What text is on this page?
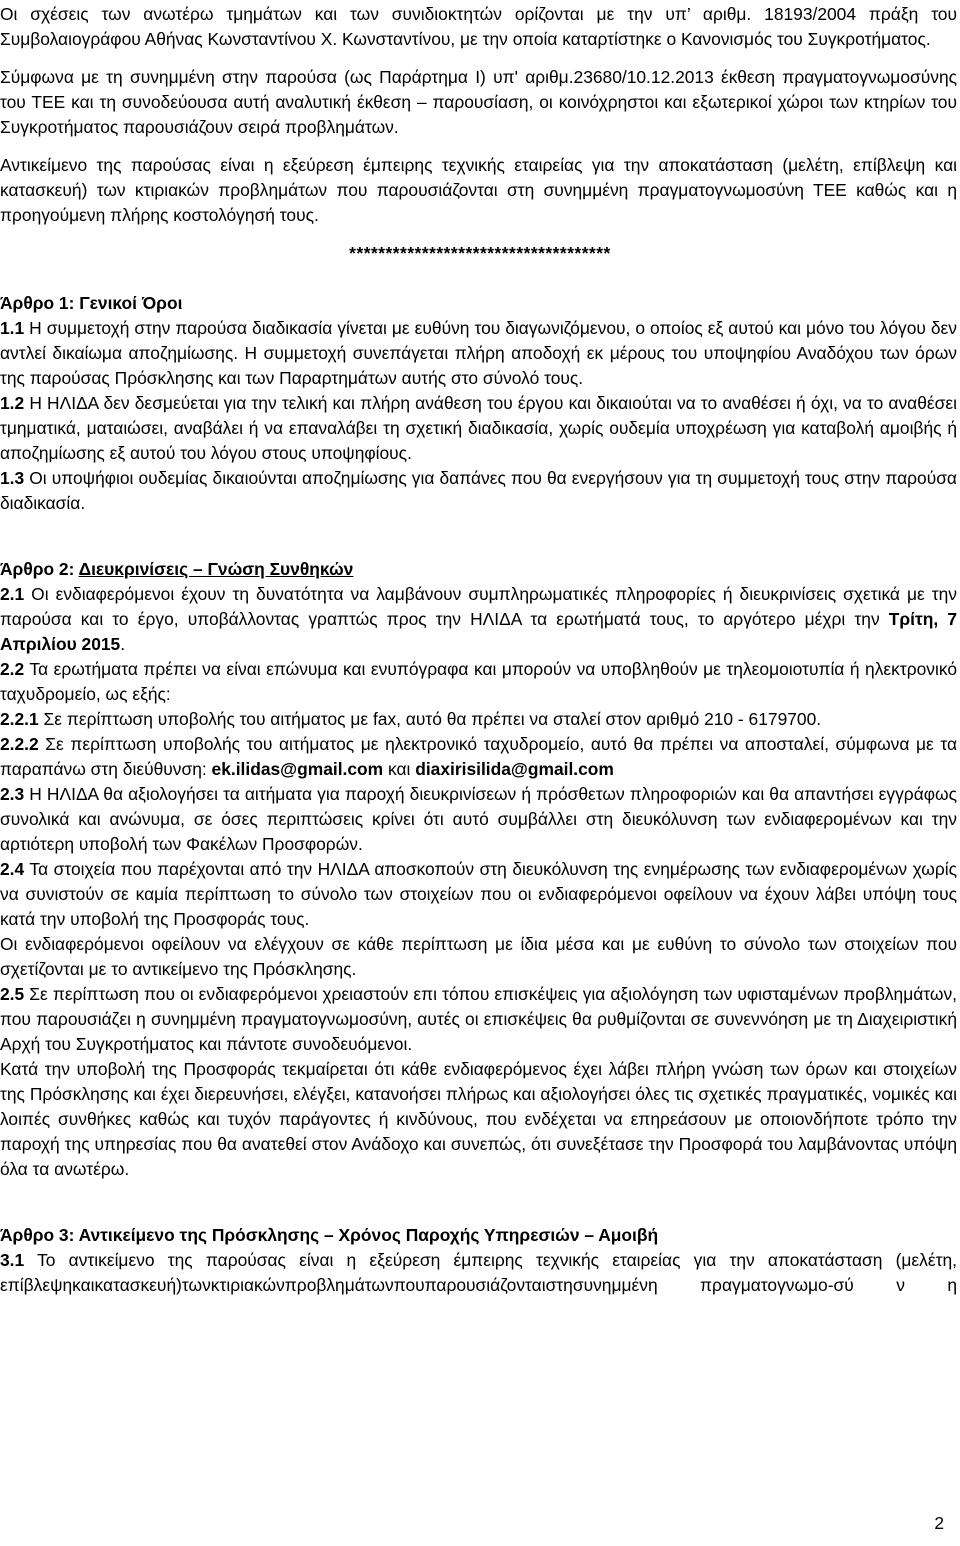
Οι σχέσεις των ανωτέρω τμημάτων και των συνιδιοκτητών ορίζονται με την υπ’ αριθμ. 18193/2004 πράξη του Συμβολαιογράφου Αθήνας Κωνσταντίνου Χ. Κωνσταντίνου, με την οποία καταρτίστηκε ο Κανονισμός του Συγκροτήματος.

Σύμφωνα με τη συνημμένη στην παρούσα (ως Παράρτημα Ι) υπ' αριθμ.23680/10.12.2013 έκθεση πραγματογνωμοσύνης του ΤΕΕ και τη συνοδεύουσα αυτή αναλυτική έκθεση – παρουσίαση, οι κοινόχρηστοι και εξωτερικοί χώροι των κτηρίων του Συγκροτήματος παρουσιάζουν σειρά προβλημάτων.

Αντικείμενο της παρούσας είναι η εξεύρεση έμπειρης τεχνικής εταιρείας για την αποκατάσταση (μελέτη, επίβλεψη και κατασκευή) των κτιριακών προβλημάτων που παρουσιάζονται στη συνημμένη πραγματογνωμοσύνη ΤΕΕ καθώς και η προηγούμενη πλήρης κοστολόγησή τους.

************************************

Άρθρο 1: Γενικοί Όροι

1.1 Η συμμετοχή στην παρούσα διαδικασία γίνεται με ευθύνη του διαγωνιζόμενου, ο οποίος εξ αυτού και μόνο του λόγου δεν αντλεί δικαίωμα αποζημίωσης. Η συμμετοχή συνεπάγεται πλήρη αποδοχή εκ μέρους του υποψηφίου Αναδόχου των όρων της παρούσας Πρόσκλησης και των Παραρτημάτων αυτής στο σύνολό τους.

1.2 Η ΗΛΙΔΑ δεν δεσμεύεται για την τελική και πλήρη ανάθεση του έργου και δικαιούται να το αναθέσει ή όχι, να το αναθέσει τμηματικά, ματαιώσει, αναβάλει ή να επαναλάβει τη σχετική διαδικασία, χωρίς ουδεμία υποχρέωση για καταβολή αμοιβής ή αποζημίωσης εξ αυτού του λόγου στους υποψηφίους.

1.3 Οι υποψήφιοι ουδεμίας δικαιούνται αποζημίωσης για δαπάνες που θα ενεργήσουν για τη συμμετοχή τους στην παρούσα διαδικασία.

Άρθρο 2: Διευκρινίσεις – Γνώση Συνθηκών

2.1 Οι ενδιαφερόμενοι έχουν τη δυνατότητα να λαμβάνουν συμπληρωματικές πληροφορίες ή διευκρινίσεις σχετικά με την παρούσα και το έργο, υποβάλλοντας γραπτώς προς την ΗΛΙΔΑ τα ερωτήματά τους, το αργότερο μέχρι την Τρίτη, 7 Απριλίου 2015.

2.2 Τα ερωτήματα πρέπει να είναι επώνυμα και ενυπόγραφα και μπορούν να υποβληθούν με τηλεομοιοτυπία ή ηλεκτρονικό ταχυδρομείο, ως εξής:

2.2.1 Σε περίπτωση υποβολής του αιτήματος με fax, αυτό θα πρέπει να σταλεί στον αριθμό 210 - 6179700.

2.2.2 Σε περίπτωση υποβολής του αιτήματος με ηλεκτρονικό ταχυδρομείο, αυτό θα πρέπει να αποσταλεί, σύμφωνα με τα παραπάνω στη διεύθυνση: ek.ilidas@gmail.com και diaxirisilida@gmail.com

2.3 Η ΗΛΙΔΑ θα αξιολογήσει τα αιτήματα για παροχή διευκρινίσεων ή πρόσθετων πληροφοριών και θα απαντήσει εγγράφως συνολικά και ανώνυμα, σε όσες περιπτώσεις κρίνει ότι αυτό συμβάλλει στη διευκόλυνση των ενδιαφερομένων και την αρτιότερη υποβολή των Φακέλων Προσφορών.

2.4 Τα στοιχεία που παρέχονται από την ΗΛΙΔΑ αποσκοπούν στη διευκόλυνση της ενημέρωσης των ενδιαφερομένων χωρίς να συνιστούν σε καμία περίπτωση το σύνολο των στοιχείων που οι ενδιαφερόμενοι οφείλουν να έχουν λάβει υπόψη τους κατά την υποβολή της Προσφοράς τους.

Οι ενδιαφερόμενοι οφείλουν να ελέγχουν σε κάθε περίπτωση με ίδια μέσα και με ευθύνη το σύνολο των στοιχείων που σχετίζονται με το αντικείμενο της Πρόσκλησης.

2.5 Σε περίπτωση που οι ενδιαφερόμενοι χρειαστούν επι τόπου επισκέψεις για αξιολόγηση των υφισταμένων προβλημάτων, που παρουσιάζει η συνημμένη πραγματογνωμοσύνη, αυτές οι επισκέψεις θα ρυθμίζονται σε συνεννόηση με τη Διαχειριστική Αρχή του Συγκροτήματος και πάντοτε συνοδευόμενοι.

Κατά την υποβολή της Προσφοράς τεκμαίρεται ότι κάθε ενδιαφερόμενος έχει λάβει πλήρη γνώση των όρων και στοιχείων της Πρόσκλησης και έχει διερευνήσει, ελέγξει, κατανοήσει πλήρως και αξιολογήσει όλες τις σχετικές πραγματικές, νομικές και λοιπές συνθήκες καθώς και τυχόν παράγοντες ή κινδύνους, που ενδέχεται να επηρεάσουν με οποιονδήποτε τρόπο την παροχή της υπηρεσίας που θα ανατεθεί στον Ανάδοχο και συνεπώς, ότι συνεξέτασε την Προσφορά του λαμβάνοντας υπόψη όλα τα ανωτέρω.

Άρθρο 3: Αντικείμενο της Πρόσκλησης – Χρόνος Παροχής Υπηρεσιών – Αμοιβή

3.1 Το αντικείμενο της παρούσας είναι η εξεύρεση έμπειρης τεχνικής εταιρείας για την αποκατάσταση (μελέτη, επίβλεψηκαικατασκευή)τωνκτιριακώνπροβλημάτωνπουπαρουσιάζονταιστησυνημμένη πραγματογνωμο-σύ ν η

2
